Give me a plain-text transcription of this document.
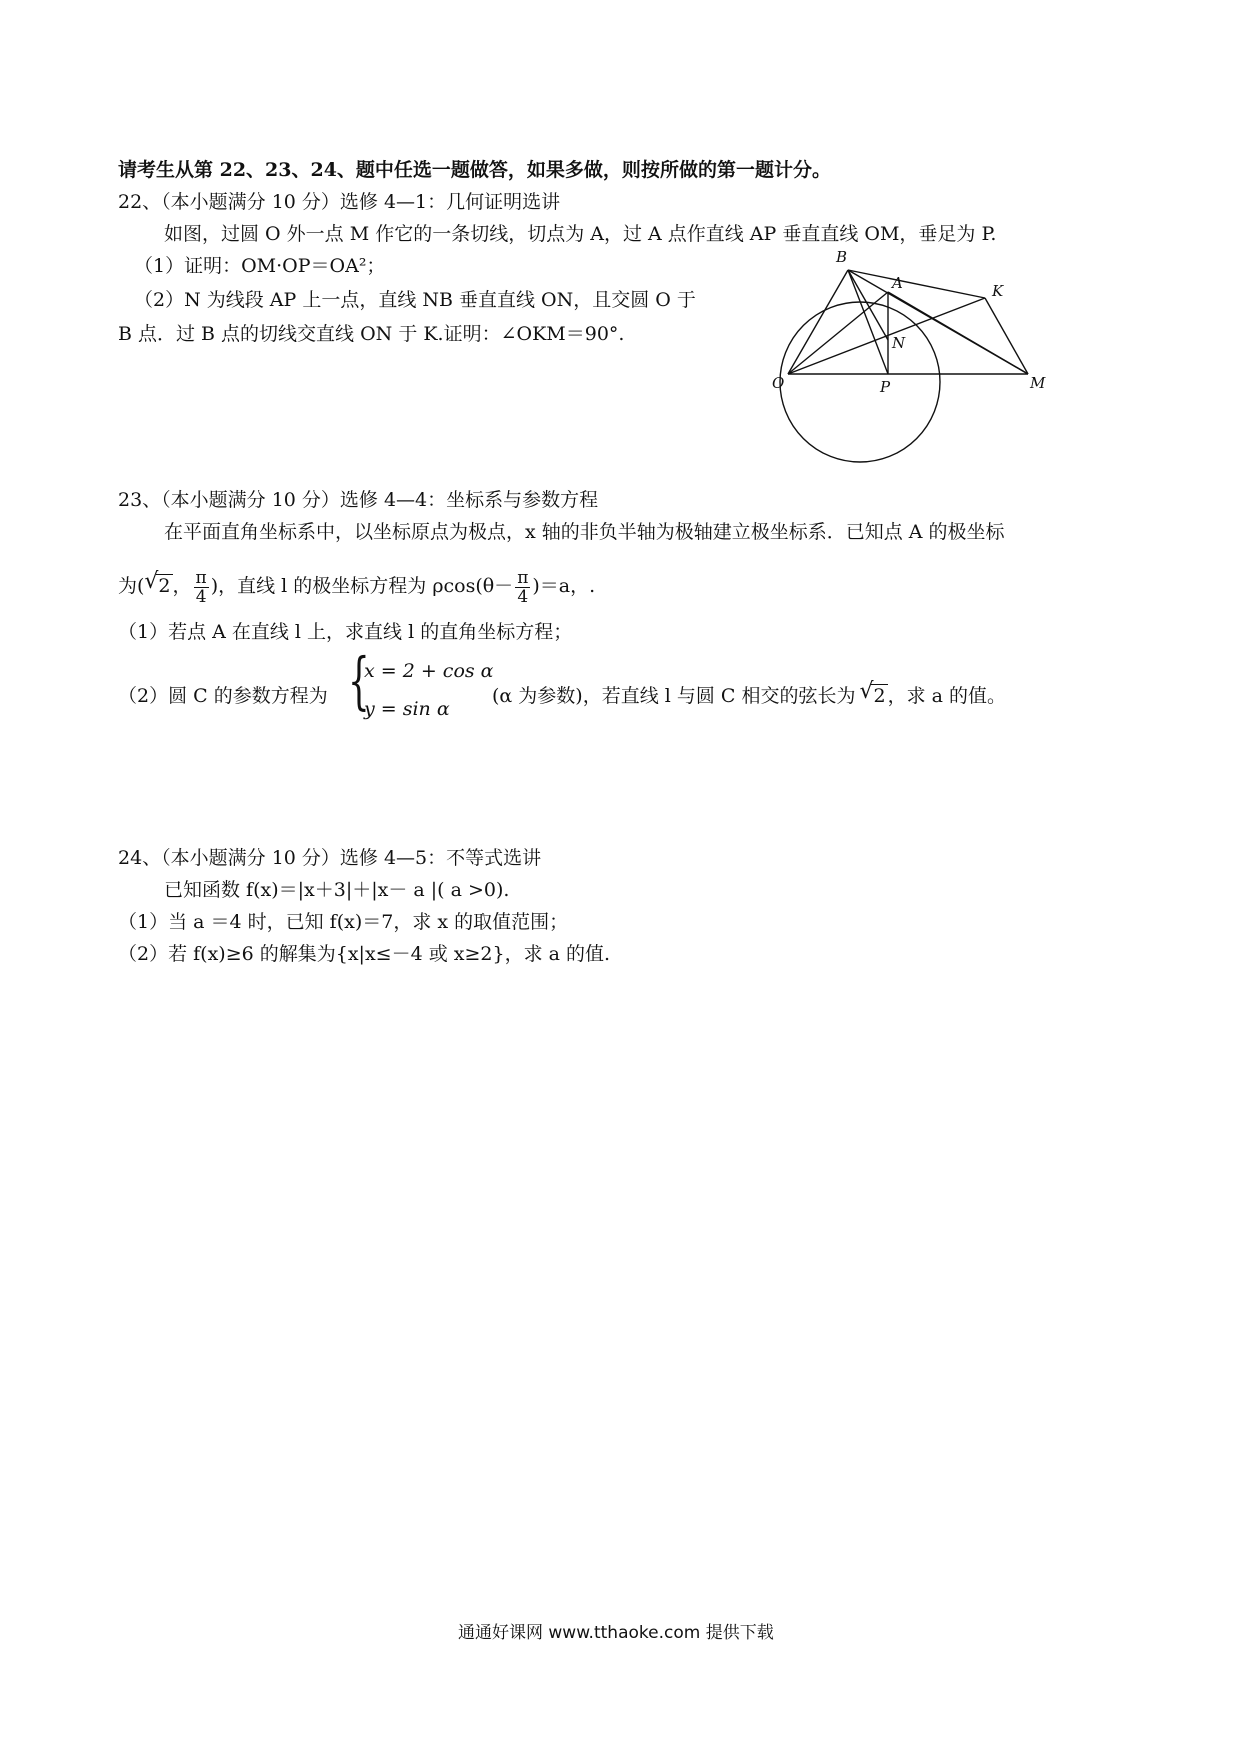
请考生从第 22、23、24、题中任选一题做答，如果多做，则按所做的第一题计分。
22、（本小题满分 10 分）选修 4—1：几何证明选讲
如图，过圆 O 外一点 M 作它的一条切线，切点为 A，过 A 点作直线 AP 垂直直线 OM，垂足为 P.
（1）证明：OM·OP＝OA²；
（2）N 为线段 AP 上一点，直线 NB 垂直直线 ON，且交圆 O 于
B 点．过 B 点的切线交直线 ON 于 K.证明：∠OKM＝90°.
B
K
A
N
O	P	M
23、（本小题满分 10 分）选修 4—4：坐标系与参数方程
在平面直角坐标系中，以坐标原点为极点，x 轴的非负半轴为极轴建立极坐标系．已知点 A 的极坐标
为( √ 2 ， $\frac{\pi}{4}$ )，直线 l 的极坐标方程为 $\rho\cos(\theta- \frac{\pi}{4} )=a$，.
（1）若点 A 在直线 l 上，求直线 l 的直角坐标方程；
（2）圆 C 的参数方程为 {
x = 2 + cos α
y = sin α
(α 为参数)，若直线 l 与圆 C 相交的弦长为 √ 2 ，求 a 的值。
24、（本小题满分 10 分）选修 4—5：不等式选讲
已知函数 f(x)＝|x＋3|＋|x－ a |( a >0).
（1）当 a ＝4 时，已知 f(x)＝7，求 x 的取值范围；
（2）若 f(x)≥6 的解集为{x|x≤－4 或 x≥2}，求 a 的值.
通通好课网 www.tthaoke.com 提供下载
